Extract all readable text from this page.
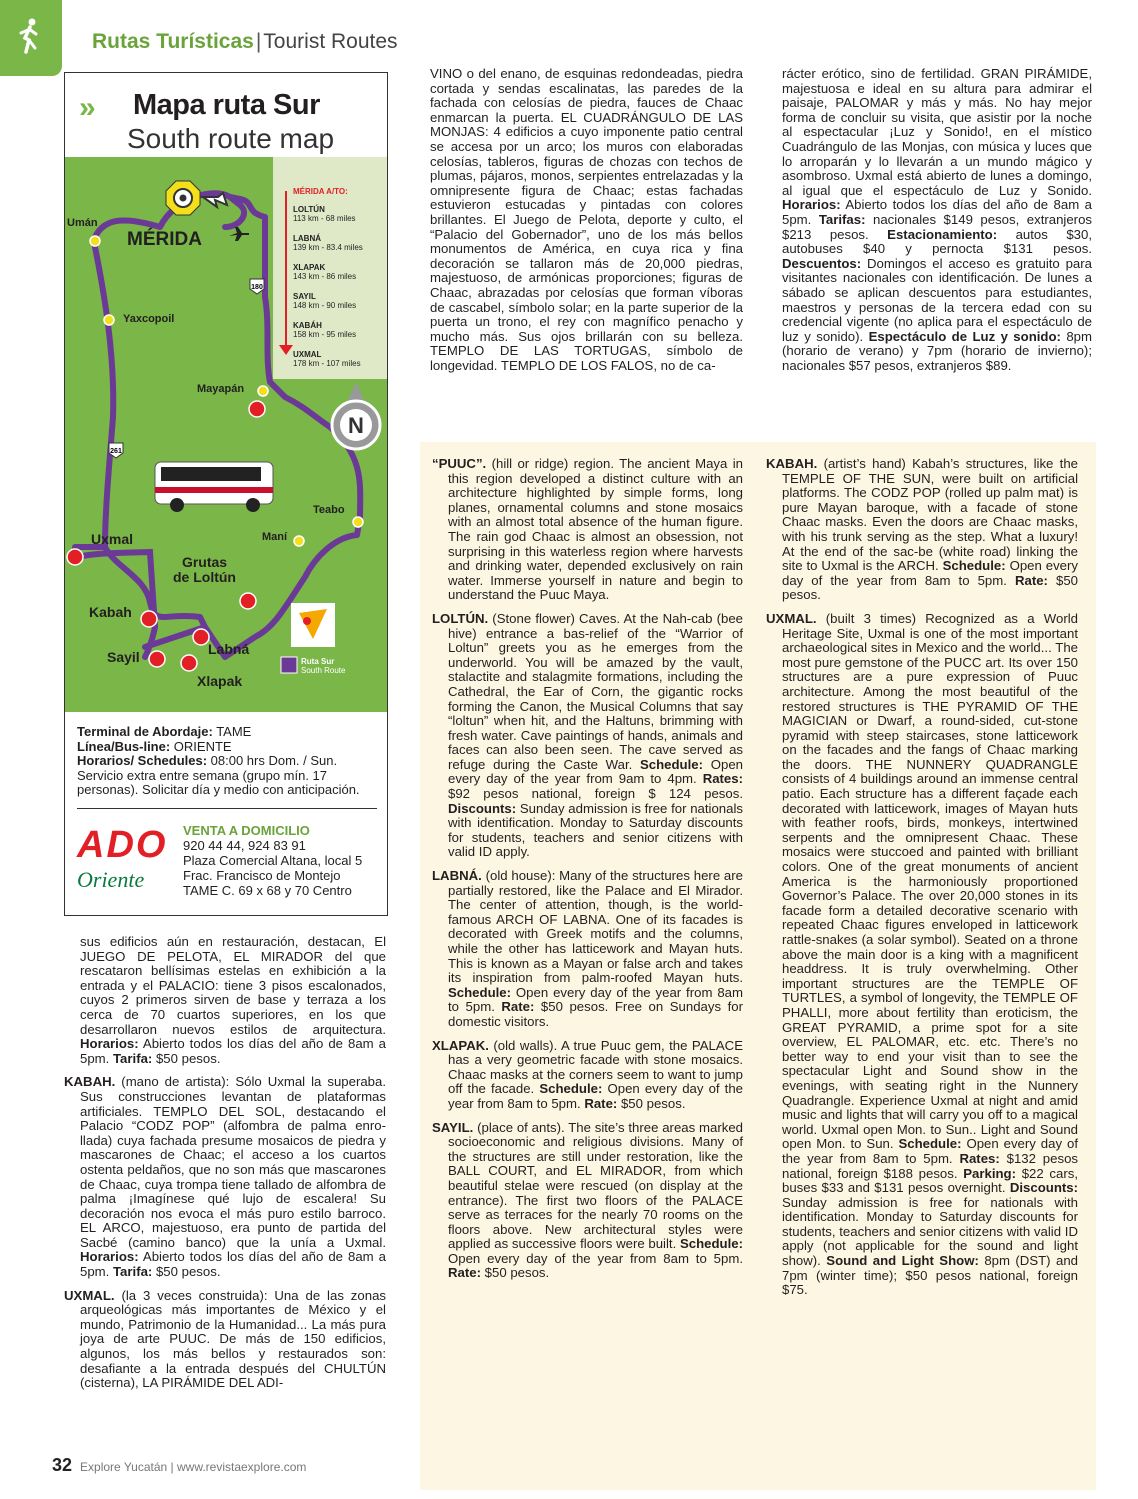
Rutas Turísticas|Tourist Routes
» Mapa ruta Sur
South route map
180
261
N
MÉRIDA A/TO:
LOLTÚN
113 km - 68 miles
LABNÁ
139 km - 83.4 miles
XLAPAK
143 km - 86 miles
SAYIL
148 km - 90 miles
KABÁH
158 km - 95 miles
UXMAL
178 km - 107 miles
Umán
MÉRIDA
Yaxcopoil
Mayapán
Teabo
Uxmal	Maní
Grutas
de Loltún
Kabah
Sayil	Labná
Xlapak
Ruta Sur
South Route
Terminal de Abordaje: TAME
Línea/Bus-line: ORIENTE
Horarios/ Schedules: 08:00 hrs Dom. / Sun. Servicio extra entre semana (grupo mín. 17 personas). Solicitar día y medio con anticipación.
ADO
Oriente
VENTA A DOMICILIO
920 44 44, 924 83 91
Plaza Comercial Altana, local 5
Frac. Francisco de Montejo
TAME C. 69 x 68 y 70 Centro

VINO o del enano, de esquinas redondeadas, piedra cortada y sendas escalinatas, las paredes de la fachada con celosías de piedra, fauces de Chaac enmarcan la puerta. EL CUADRÁNGULO DE LAS MONJAS: 4 edificios a cuyo imponente patio central se accesa por un arco; los muros con elaboradas celosías, tableros, figuras de chozas con techos de plumas, pájaros, monos, serpientes entrelazadas y la omnipresente figura de Chaac; estas fachadas estuvieron estucadas y pintadas con colores brillantes. El Juego de Pelota, deporte y culto, el “Palacio del Gobernador”, uno de los más bellos monumentos de América, en cuya rica y fina decoración se tallaron más de 20,000 piedras, majestuoso, de armónicas proporciones; figuras de Chaac, abrazadas por celosías que forman víboras de cascabel, símbolo solar; en la parte superior de la puerta un trono, el rey con magnífico penacho y mucho más. Sus ojos brillarán con su belleza. TEMPLO DE LAS TORTUGAS, símbolo de longevidad. TEMPLO DE LOS FALOS, no de ca-

rácter erótico, sino de fertilidad. GRAN PIRÁMIDE, majestuosa e ideal en su altura para admirar el paisaje, PALOMAR y más y más. No hay mejor forma de concluir su visita, que asistir por la noche al espectacular ¡Luz y Sonido!, en el místico Cuadrángulo de las Monjas, con música y luces que lo arroparán y lo llevarán a un mundo mágico y asombroso. Uxmal está abierto de lunes a domingo, al igual que el espectáculo de Luz y Sonido. Horarios: Abierto todos los días del año de 8am a 5pm. Tarifas: nacionales $149 pesos, extranjeros $213 pesos. Estacionamiento: autos $30, autobuses $40 y pernocta $131 pesos. Descuentos: Domingos el acceso es gratuito para visitantes nacionales con identificación. De lunes a sábado se aplican descuentos para estudiantes, maestros y personas de la tercera edad con su credencial vigente (no aplica para el espectáculo de luz y sonido). Espectáculo de Luz y sonido: 8pm (horario de verano) y 7pm (horario de invierno); nacionales $57 pesos, extranjeros $89.

sus edificios aún en restauración, destacan, El JUEGO DE PELOTA, EL MIRADOR del que rescataron bellísimas estelas en exhibición a la entrada y el PALACIO: tiene 3 pisos escalonados, cuyos 2 primeros sirven de base y terraza a los cerca de 70 cuartos superiores, en los que desarrollaron nuevos estilos de arquitectura. Horarios: Abierto todos los días del año de 8am a 5pm. Tarifa: $50 pesos.

KABAH. (mano de artista): Sólo Uxmal la superaba. Sus construcciones levantan de plataformas artificiales. TEMPLO DEL SOL, destacando el Palacio “CODZ POP” (alfombra de palma enro-llada) cuya fachada presume mosaicos de piedra y mascarones de Chaac; el acceso a los cuartos ostenta peldaños, que no son más que mascarones de Chaac, cuya trompa tiene tallado de alfombra de palma ¡Imagínese qué lujo de escalera! Su decoración nos evoca el más puro estilo barroco. EL ARCO, majestuoso, era punto de partida del Sacbé (camino banco) que la unía a Uxmal. Horarios: Abierto todos los días del año de 8am a 5pm. Tarifa: $50 pesos.

UXMAL. (la 3 veces construida): Una de las zonas arqueológicas más importantes de México y el mundo, Patrimonio de la Humanidad... La más pura joya de arte PUUC. De más de 150 edificios, algunos, los más bellos y restaurados son: desafiante a la entrada después del CHULTÚN (cisterna), LA PIRÁMIDE DEL ADI-

“PUUC”. (hill or ridge) region. The ancient Maya in this region developed a distinct culture with an architecture highlighted by simple forms, long planes, ornamental columns and stone mosaics with an almost total absence of the human figure. The rain god Chaac is almost an obsession, not surprising in this waterless region where harvests and drinking water, depended exclusively on rain water. Immerse yourself in nature and begin to understand the Puuc Maya.

LOLTÚN. (Stone flower) Caves. At the Nah-cab (bee hive) entrance a bas-relief of the “Warrior of Loltun” greets you as he emerges from the underworld. You will be amazed by the vault, stalactite and stalagmite formations, including the Cathedral, the Ear of Corn, the gigantic rocks forming the Canon, the Musical Columns that say “loltun” when hit, and the Haltuns, brimming with fresh water. Cave paintings of hands, animals and faces can also been seen. The cave served as refuge during the Caste War. Schedule: Open every day of the year from 9am to 4pm. Rates: $92 pesos national, foreign $ 124 pesos. Discounts: Sunday admission is free for nationals with identification. Monday to Saturday discounts for students, teachers and senior citizens with valid ID apply.

LABNÁ. (old house): Many of the structures here are partially restored, like the Palace and El Mirador. The center of attention, though, is the world-famous ARCH OF LABNA. One of its facades is decorated with Greek motifs and the columns, while the other has latticework and Mayan huts. This is known as a Mayan or false arch and takes its inspiration from palm-roofed Mayan huts. Schedule: Open every day of the year from 8am to 5pm. Rate: $50 pesos. Free on Sundays for domestic visitors.

XLAPAK. (old walls). A true Puuc gem, the PALACE has a very geometric facade with stone mosaics. Chaac masks at the corners seem to want to jump off the facade. Schedule: Open every day of the year from 8am to 5pm. Rate: $50 pesos.

SAYIL. (place of ants). The site’s three areas marked socioeconomic and religious divisions. Many of the structures are still under restoration, like the BALL COURT, and EL MIRADOR, from which beautiful stelae were rescued (on display at the entrance). The first two floors of the PALACE serve as terraces for the nearly 70 rooms on the floors above. New architectural styles were applied as successive floors were built. Schedule: Open every day of the year from 8am to 5pm. Rate: $50 pesos.

KABAH. (artist’s hand) Kabah’s structures, like the TEMPLE OF THE SUN, were built on artificial platforms. The CODZ POP (rolled up palm mat) is pure Mayan baroque, with a facade of stone Chaac masks. Even the doors are Chaac masks, with his trunk serving as the step. What a luxury! At the end of the sac-be (white road) linking the site to Uxmal is the ARCH. Schedule: Open every day of the year from 8am to 5pm. Rate: $50 pesos.

UXMAL. (built 3 times) Recognized as a World Heritage Site, Uxmal is one of the most important archaeological sites in Mexico and the world... The most pure gemstone of the PUCC art. Its over 150 structures are a pure expression of Puuc architecture. Among the most beautiful of the restored structures is THE PYRAMID OF THE MAGICIAN or Dwarf, a round-sided, cut-stone pyramid with steep staircases, stone latticework on the facades and the fangs of Chaac marking the doors. THE NUNNERY QUADRANGLE consists of 4 buildings around an immense central patio. Each structure has a different façade each decorated with latticework, images of Mayan huts with feather roofs, birds, monkeys, intertwined serpents and the omnipresent Chaac. These mosaics were stuccoed and painted with brilliant colors. One of the great monuments of ancient America is the harmoniously proportioned Governor’s Palace. The over 20,000 stones in its facade form a detailed decorative scenario with repeated Chaac figures enveloped in latticework rattle-snakes (a solar symbol). Seated on a throne above the main door is a king with a magnificent headdress. It is truly overwhelming. Other important structures are the TEMPLE OF TURTLES, a symbol of longevity, the TEMPLE OF PHALLI, more about fertility than eroticism, the GREAT PYRAMID, a prime spot for a site overview, EL PALOMAR, etc. etc. There’s no better way to end your visit than to see the spectacular Light and Sound show in the evenings, with seating right in the Nunnery Quadrangle. Experience Uxmal at night and amid music and lights that will carry you off to a magical world. Uxmal open Mon. to Sun.. Light and Sound open Mon. to Sun. Schedule: Open every day of the year from 8am to 5pm. Rates: $132 pesos national, foreign $188 pesos. Parking: $22 cars, buses $33 and $131 pesos overnight. Discounts: Sunday admission is free for nationals with identification. Monday to Saturday discounts for students, teachers and senior citizens with valid ID apply (not applicable for the sound and light show). Sound and Light Show: 8pm (DST) and 7pm (winter time); $50 pesos national, foreign $75.

32 Explore Yucatán | www.revistaexplore.com
